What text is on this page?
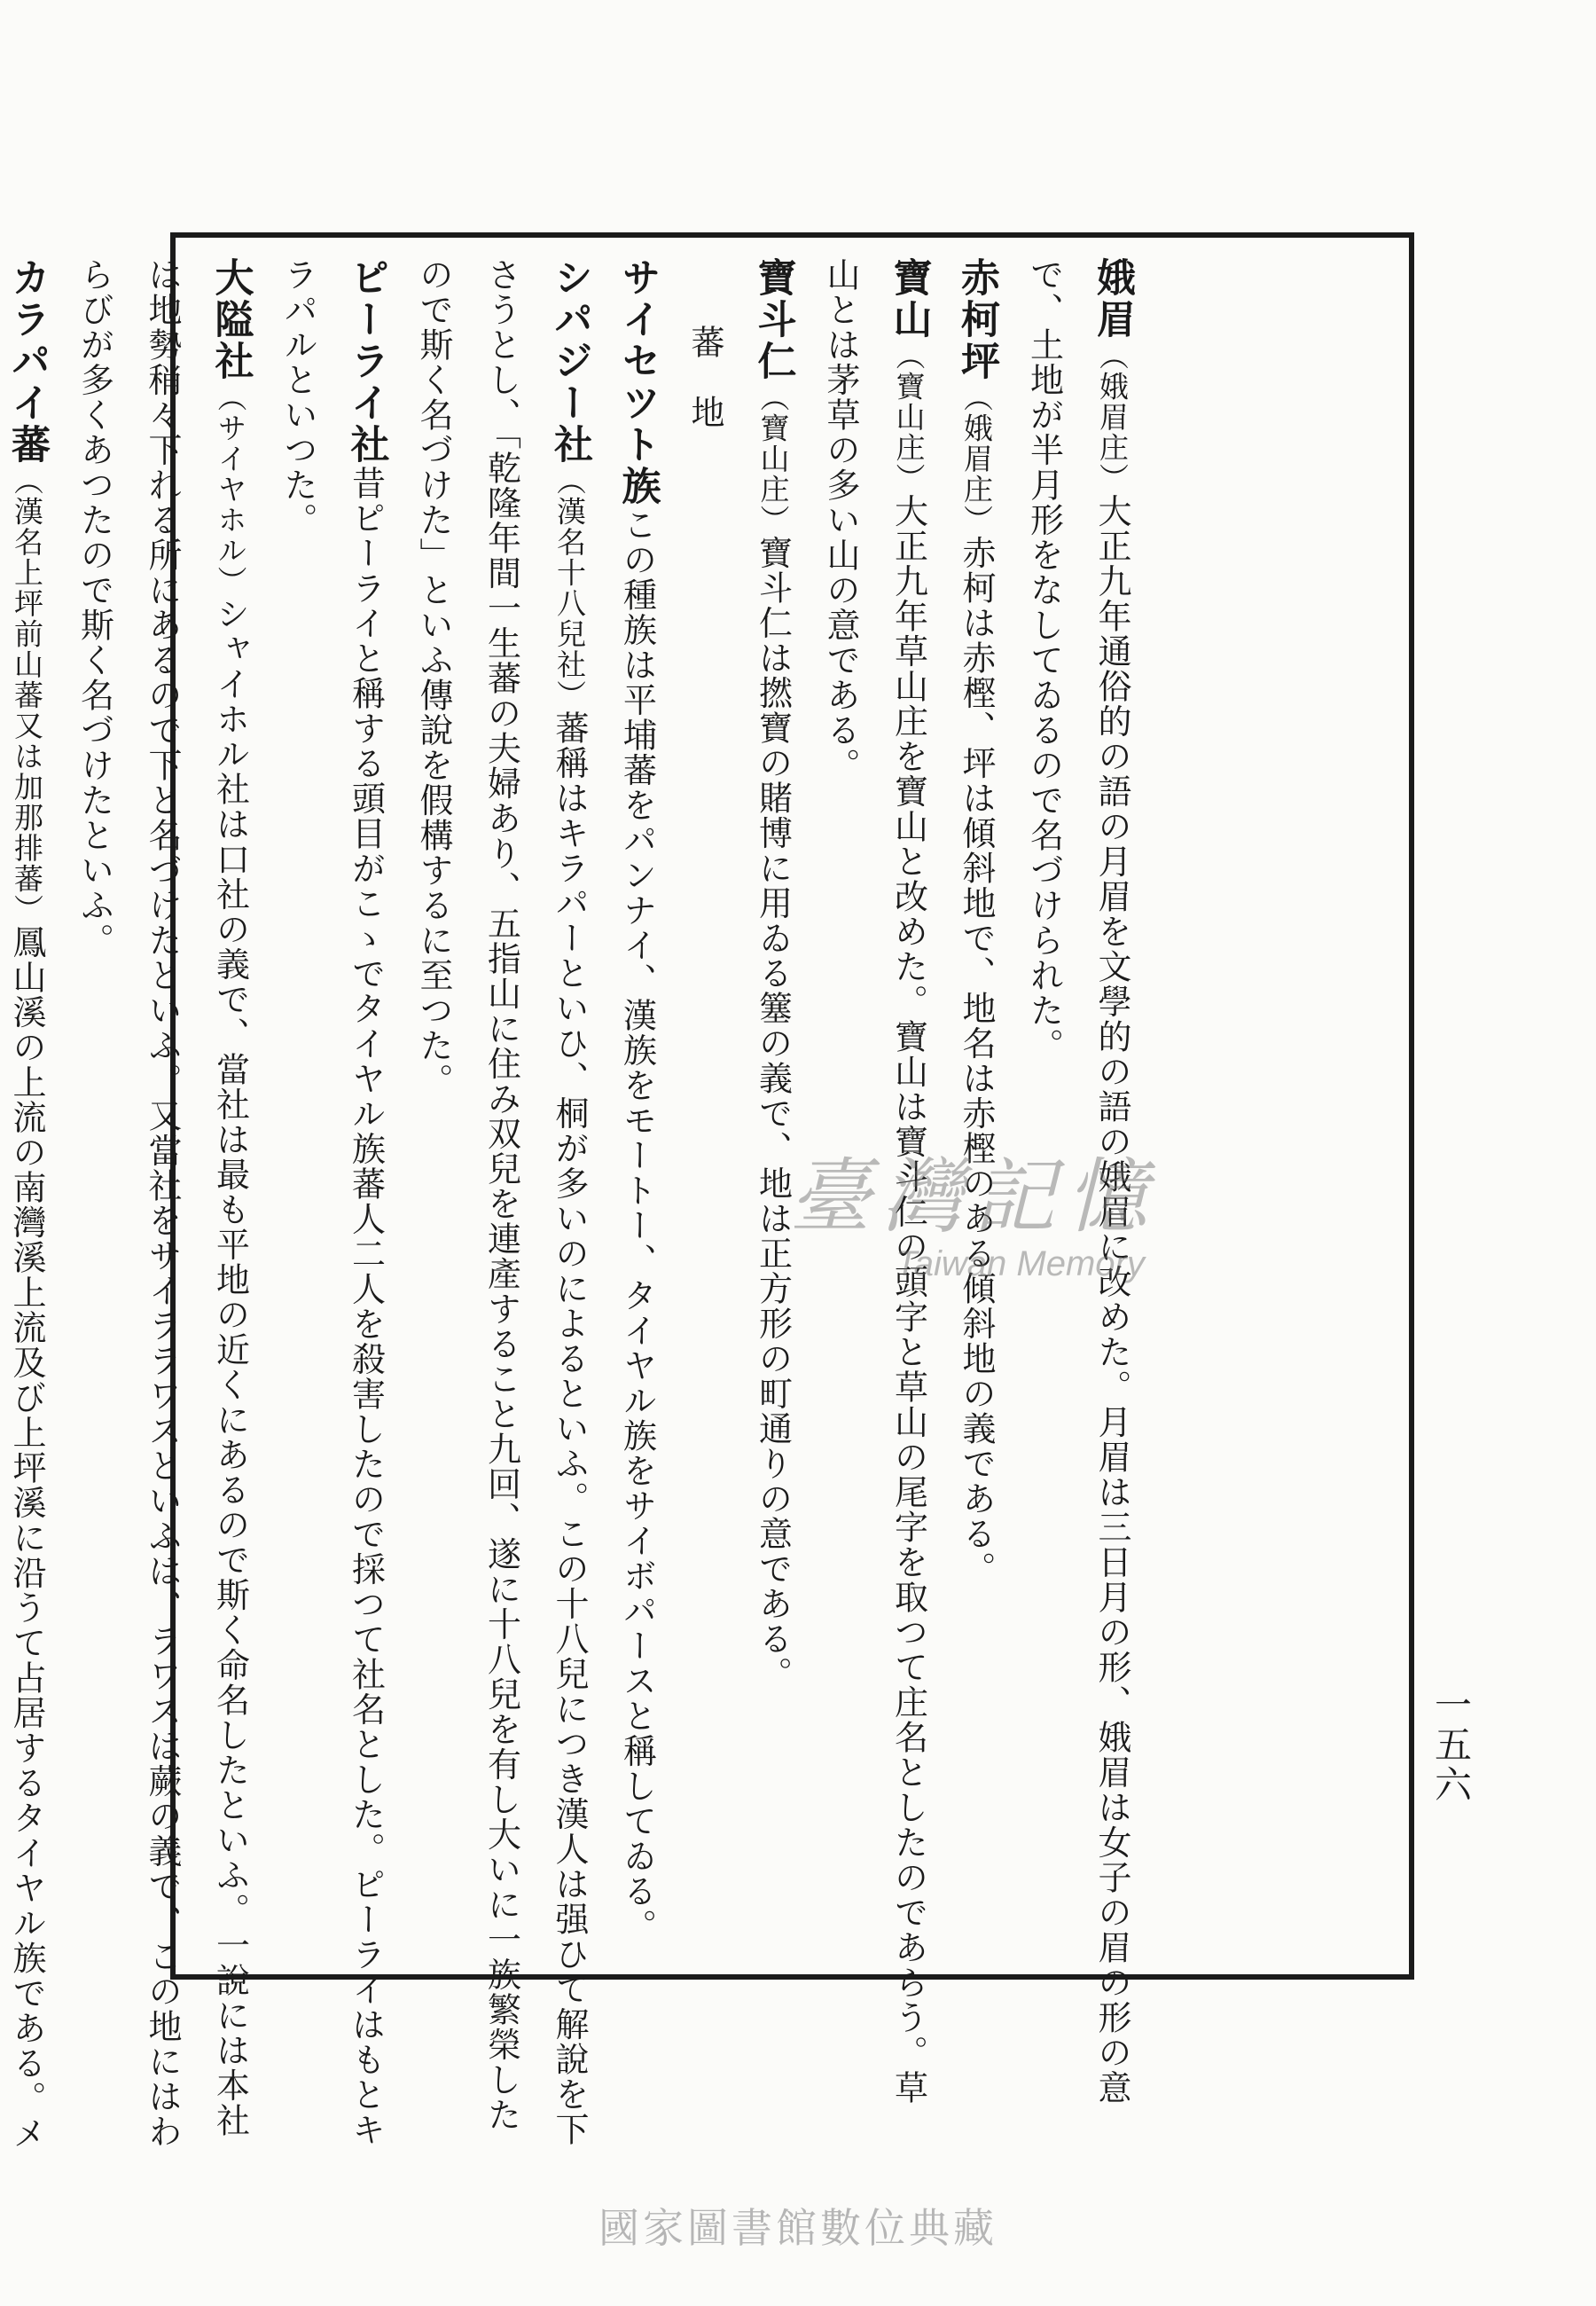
娥眉（娥眉庄）大正九年通俗的の語の月眉を文學的の語の娥眉に改めた。月眉は三日月の形、娥眉は女子の眉の形の意
で、土地が半月形をなしてゐるので名づけられた。
赤柯坪（娥眉庄）赤柯は赤樫、坪は傾斜地で、地名は赤樫のある傾斜地の義である。
寶山（寶山庄）大正九年草山庄を寶山と改めた。寶山は寶斗仁の頭字と草山の尾字を取つて庄名としたのであらう。草
山とは茅草の多い山の意である。
寶斗仁（寶山庄）寶斗仁は撚寶の賭博に用ゐる簺の義で、地は正方形の町通りの意である。
蕃　地
サイセツト族この種族は平埔蕃をパンナイ、漢族をモートー、タイヤル族をサイボパースと稱してゐる。
シパジー社（漢名十八兒社）蕃稱はキラパーといひ、桐が多いのによるといふ。この十八兒につき漢人は强ひて解說を下
さうとし、「乾隆年間一生蕃の夫婦あり、五指山に住み双兒を連產すること九回、遂に十八兒を有し大いに一族繁榮した
ので斯く名づけた」といふ傳說を假構するに至つた。
ピーライ社昔ピーライと稱する頭目がこゝでタイヤル族蕃人二人を殺害したので採つて社名とした。ピーライはもとキ
ラパルといつた。
大隘社（サイヤホル）シャイホル社は口社の義で、當社は最も平地の近くにあるので斯く命名したといふ。一說には本社
は地勢稍々下れる所にあるので下と名づけたといふ。又當社をサイララワスといふは、ラワスは蕨の義で、この地にはわ
らびが多くあつたので斯く名づけたといふ。
カラパイ蕃（漢名上坪前山蕃又は加那排蕃）鳳山溪の上流の南灣溪上流及び上坪溪に沿うて占居するタイヤル族である。メ	一五六
臺灣記憶
Taiwan Memory
國家圖書館數位典藏
